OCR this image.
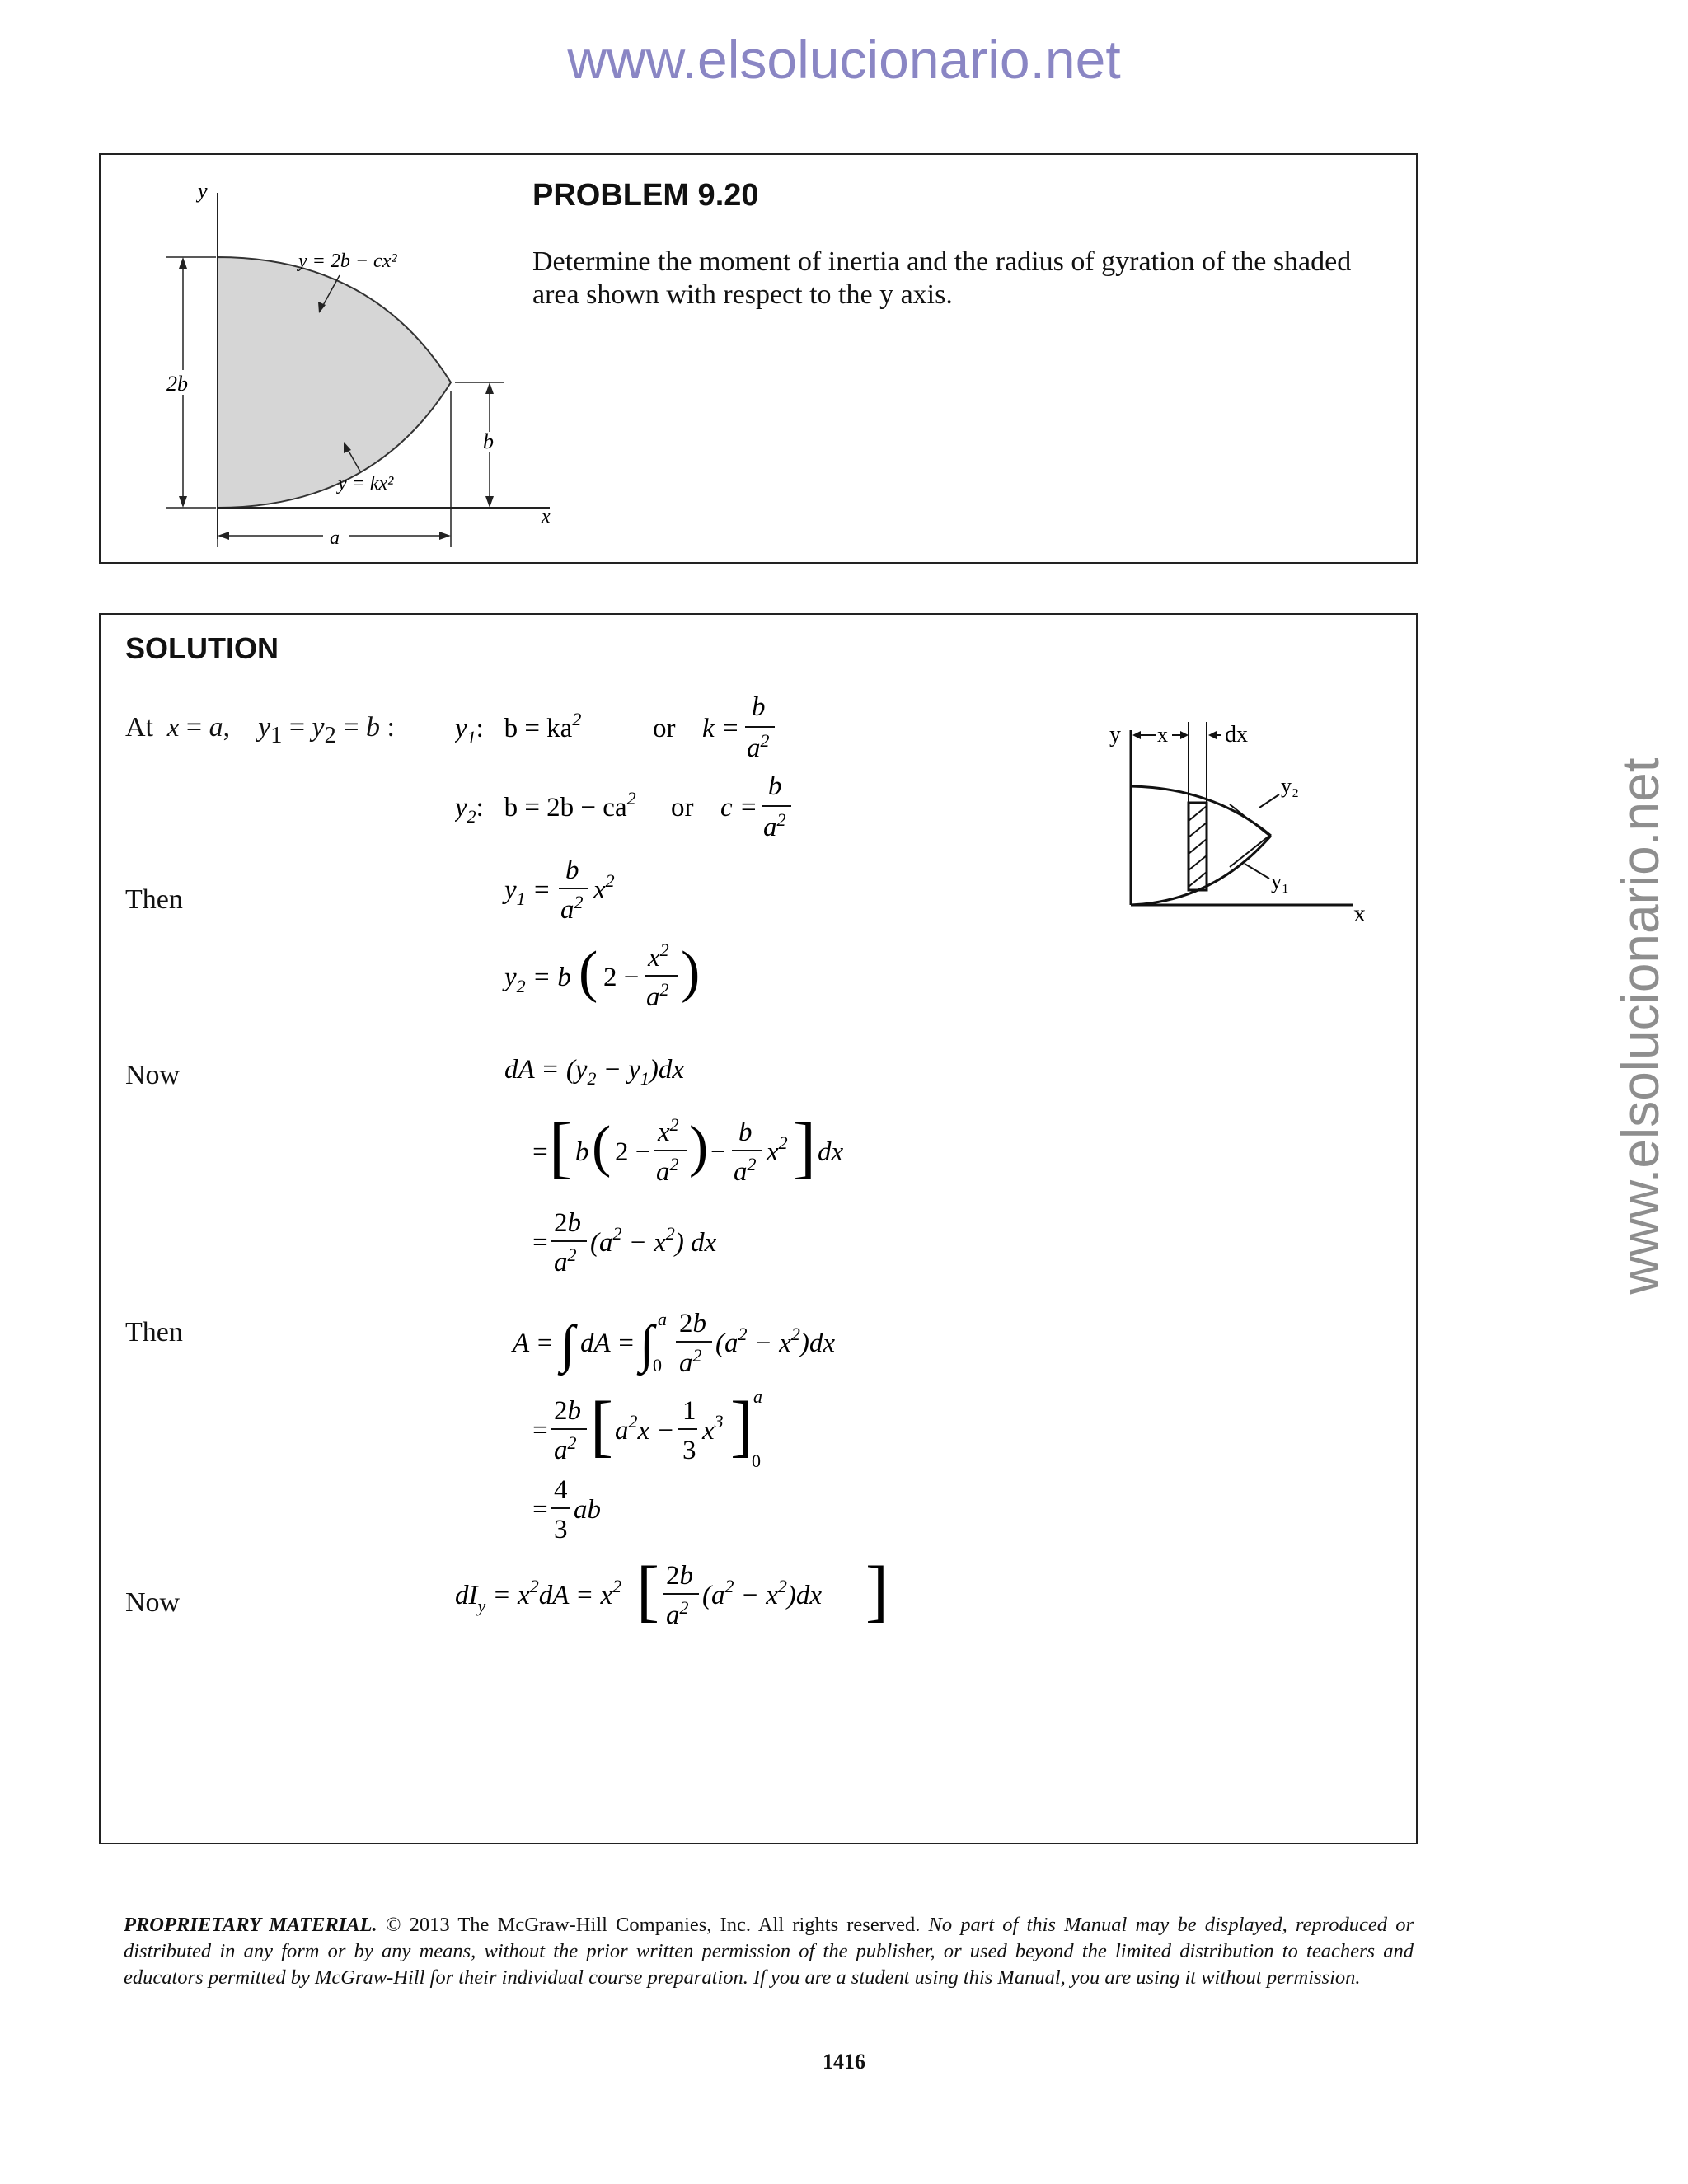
www.elsolucionario.net
www.elsolucionario.net
y
x
2b
b
a
y = 2b − cx²
y = kx²
PROBLEM 9.20
Determine the moment of inertia and the radius of gyration of the shaded area shown with respect to the y axis.
SOLUTION
At  x = a,    $y_1 = y_2 = b$ :
Then
Now
Then
Now
$y_1$:   $b = ka^2$	or k =
b
$a^2$
$y_2$:   $b = 2b - ca^2$ or c =
b
$a^2$
$y_1$ =
b
$a^2$ $x^2$
$y_2 = b$ ( 2 −
$x^2$
$a^2$ )
dA = $(y_2 - y_1)dx$
= [ b ( 2 −
$x^2$
$a^2$ ) −
b
$a^2$ $x^2$ ] dx
=
2b
$a^2$ $(a^2 - x^2)$ dx
A = ∫ dA = ∫ a
0
2b
$a^2$ $(a^2 - x^2)dx$
=
2b
$a^2$ [ $a^2x$ −
1
3
$x^3$ ] a
0
=
4
3
ab
$dI_y = x^2dA = x^2$ [ 2b
$a^2$ $(a^2 - x^2)dx$ ]
y x dx
y₂
y₁
x
PROPRIETARY MATERIAL. © 2013 The McGraw-Hill Companies, Inc. All rights reserved. No part of this Manual may be displayed, reproduced or distributed in any form or by any means, without the prior written permission of the publisher, or used beyond the limited distribution to teachers and educators permitted by McGraw-Hill for their individual course preparation. If you are a student using this Manual, you are using it without permission.
1416
